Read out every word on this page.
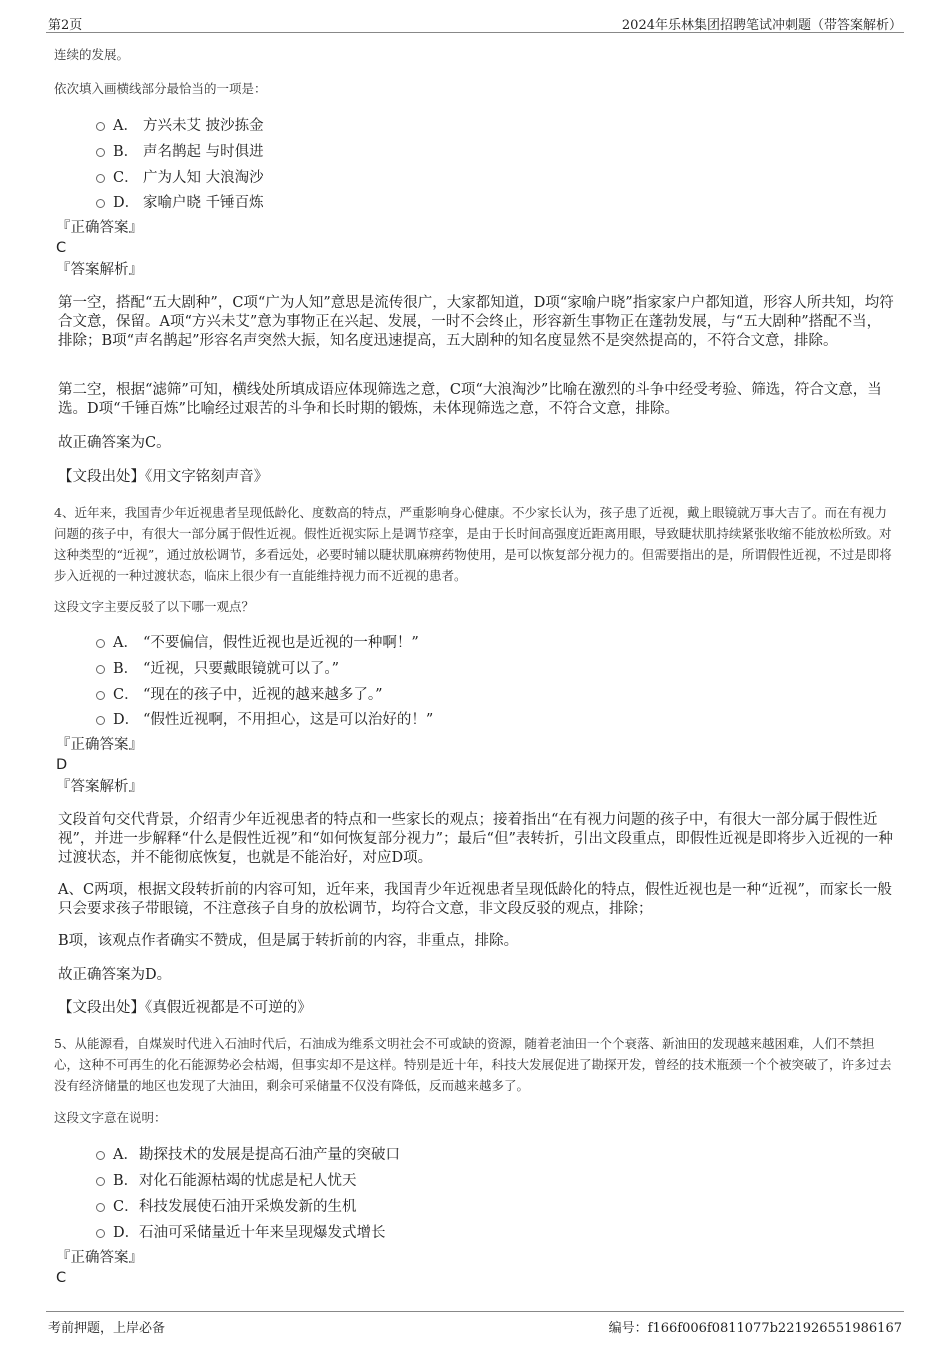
第2页	2024年乐林集团招聘笔试冲刺题（带答案解析）
连续的发展。
依次填入画横线部分最恰当的一项是：
A． 方兴未艾 披沙拣金
B． 声名鹊起 与时俱进
C． 广为人知 大浪淘沙
D． 家喻户晓 千锤百炼
『正确答案』
C
『答案解析』
第一空，搭配“五大剧种”，C项“广为人知”意思是流传很广，大家都知道，D项“家喻户晓”指家家户户都知道，形容人所共知，均符合文意，保留。A项“方兴未艾”意为事物正在兴起、发展，一时不会终止，形容新生事物正在蓬勃发展，与“五大剧种”搭配不当，排除；B项“声名鹊起”形容名声突然大振，知名度迅速提高，五大剧种的知名度显然不是突然提高的，不符合文意，排除。
第二空，根据“滤筛”可知，横线处所填成语应体现筛选之意，C项“大浪淘沙”比喻在激烈的斗争中经受考验、筛选，符合文意，当选。D项“千锤百炼”比喻经过艰苦的斗争和长时期的锻炼，未体现筛选之意，不符合文意，排除。
故正确答案为C。
【文段出处】《用文字铭刻声音》
4、近年来，我国青少年近视患者呈现低龄化、度数高的特点，严重影响身心健康。不少家长认为，孩子患了近视，戴上眼镜就万事大吉了。而在有视力问题的孩子中，有很大一部分属于假性近视。假性近视实际上是调节痉挛，是由于长时间高强度近距离用眼，导致睫状肌持续紧张收缩不能放松所致。对这种类型的“近视”，通过放松调节，多看远处，必要时辅以睫状肌麻痹药物使用，是可以恢复部分视力的。但需要指出的是，所谓假性近视，不过是即将步入近视的一种过渡状态，临床上很少有一直能维持视力而不近视的患者。
这段文字主要反驳了以下哪一观点？
A． “不要偏信，假性近视也是近视的一种啊！”
B． “近视，只要戴眼镜就可以了。”
C． “现在的孩子中，近视的越来越多了。”
D． “假性近视啊，不用担心，这是可以治好的！”
『正确答案』
D
『答案解析』
文段首句交代背景，介绍青少年近视患者的特点和一些家长的观点；接着指出“在有视力问题的孩子中，有很大一部分属于假性近视”，并进一步解释“什么是假性近视”和“如何恢复部分视力”；最后“但”表转折，引出文段重点，即假性近视是即将步入近视的一种过渡状态，并不能彻底恢复，也就是不能治好，对应D项。
A、C两项，根据文段转折前的内容可知，近年来，我国青少年近视患者呈现低龄化的特点，假性近视也是一种“近视”，而家长一般只会要求孩子带眼镜，不注意孩子自身的放松调节，均符合文意，非文段反驳的观点，排除；
B项，该观点作者确实不赞成，但是属于转折前的内容，非重点，排除。
故正确答案为D。
【文段出处】《真假近视都是不可逆的》
5、从能源看，自煤炭时代进入石油时代后，石油成为维系文明社会不可或缺的资源，随着老油田一个个衰落、新油田的发现越来越困难，人们不禁担心，这种不可再生的化石能源势必会枯竭，但事实却不是这样。特别是近十年，科技大发展促进了勘探开发，曾经的技术瓶颈一个个被突破了，许多过去没有经济储量的地区也发现了大油田，剩余可采储量不仅没有降低，反而越来越多了。
这段文字意在说明：
A． 勘探技术的发展是提高石油产量的突破口
B． 对化石能源枯竭的忧虑是杞人忧天
C． 科技发展使石油开采焕发新的生机
D． 石油可采储量近十年来呈现爆发式增长
『正确答案』
C
考前押题，上岸必备	编号：f166f006f0811077b221926551986167
